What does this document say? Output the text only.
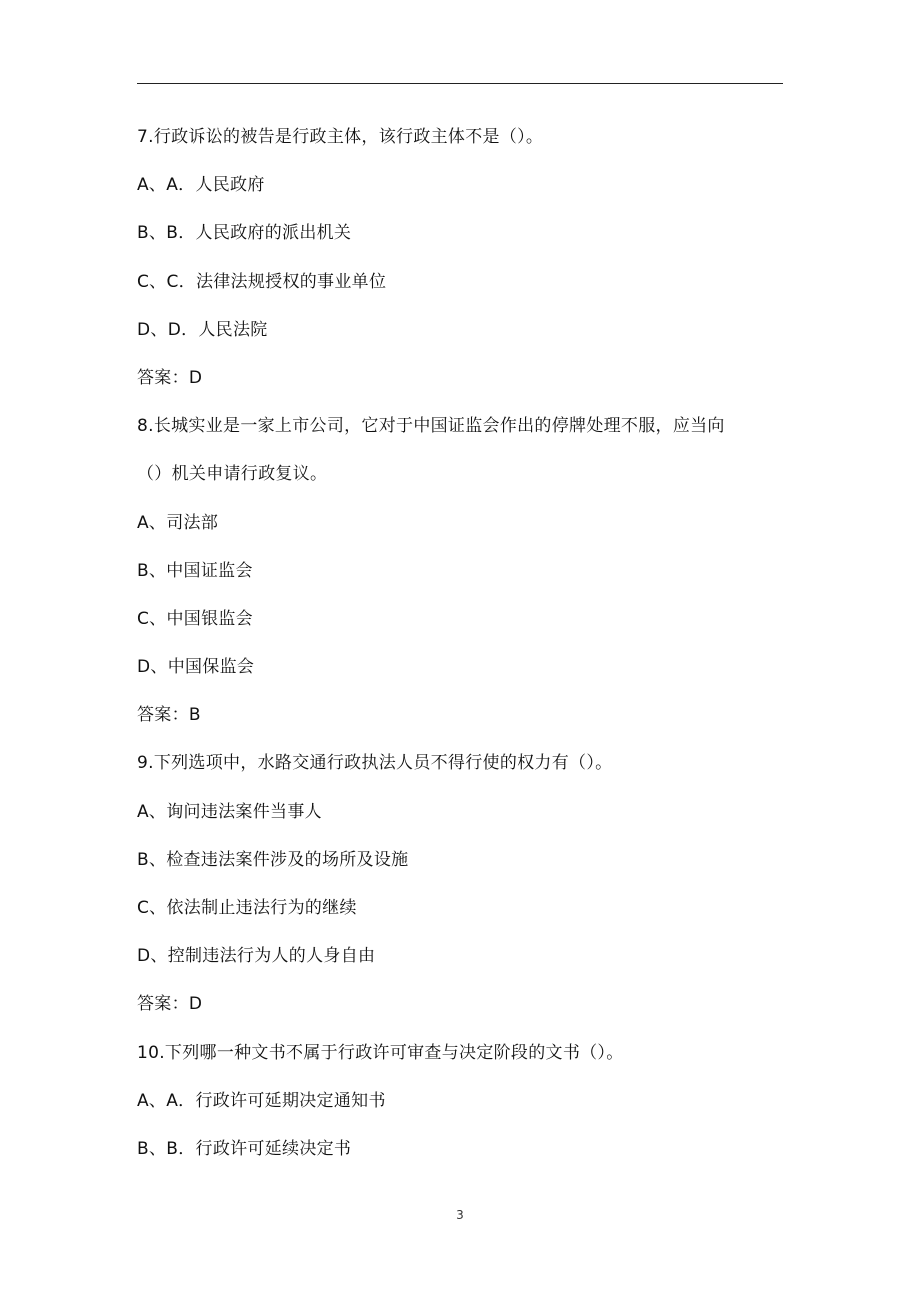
7.行政诉讼的被告是行政主体，该行政主体不是（）。
A、A．人民政府
B、B．人民政府的派出机关
C、C．法律法规授权的事业单位
D、D．人民法院
答案：D
8.长城实业是一家上市公司，它对于中国证监会作出的停牌处理不服，应当向
（）机关申请行政复议。
A、司法部
B、中国证监会
C、中国银监会
D、中国保监会
答案：B
9.下列选项中，水路交通行政执法人员不得行使的权力有（）。
A、询问违法案件当事人
B、检查违法案件涉及的场所及设施
C、依法制止违法行为的继续
D、控制违法行为人的人身自由
答案：D
10.下列哪一种文书不属于行政许可审查与决定阶段的文书（）。
A、A．行政许可延期决定通知书
B、B．行政许可延续决定书
3
